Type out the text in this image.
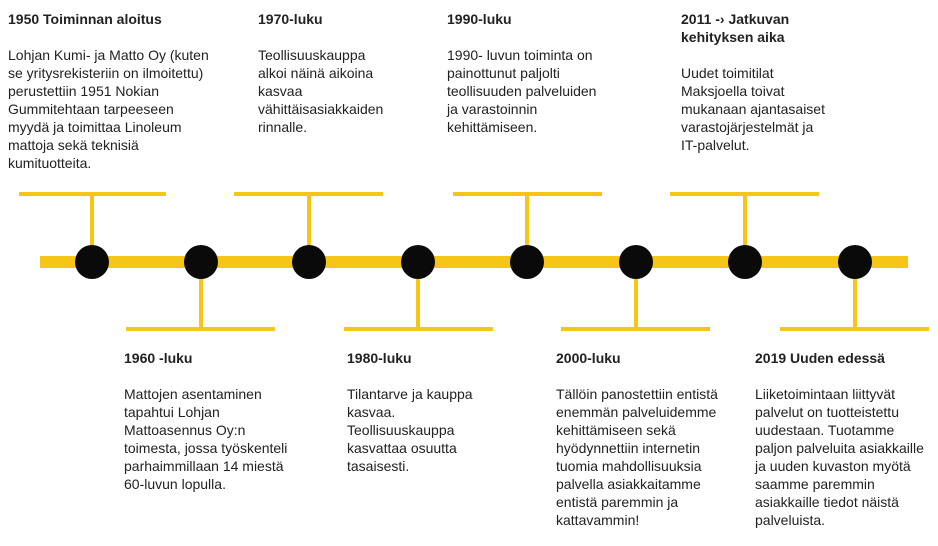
1950 Toiminnan aloitus

Lohjan Kumi- ja Matto Oy (kuten
se yritysrekisteriin on ilmoitettu)
perustettiin 1951 Nokian
Gummitehtaan tarpeeseen
myydä ja toimittaa Linoleum
mattoja sekä teknisiä
kumituotteita.

1960 -luku

Mattojen asentaminen
tapahtui Lohjan
Mattoasennus Oy:n
toimesta, jossa työskenteli
parhaimmillaan 14 miestä
60-luvun lopulla.

1970-luku

Teollisuuskauppa
alkoi näinä aikoina
kasvaa
vähittäisasiakkaiden
rinnalle.

1980-luku

Tilantarve ja kauppa
kasvaa.
Teollisuuskauppa
kasvattaa osuutta
tasaisesti.

1990-luku

1990- luvun toiminta on
painottunut paljolti
teollisuuden palveluiden
ja varastoinnin
kehittämiseen.

2000-luku

Tällöin panostettiin entistä
enemmän palveluidemme
kehittämiseen sekä
hyödynnettiin internetin
tuomia mahdollisuuksia
palvella asiakkaitamme
entistä paremmin ja
kattavammin!

2011 -› Jatkuvan
kehityksen aika

Uudet toimitilat
Maksjoella toivat
mukanaan ajantasaiset
varastojärjestelmät ja
IT-palvelut.

2019 Uuden edessä

Liiketoimintaan liittyvät
palvelut on tuotteistettu
uudestaan. Tuotamme
paljon palveluita asiakkaille
ja uuden kuvaston myötä
saamme paremmin
asiakkaille tiedot näistä
palveluista.
